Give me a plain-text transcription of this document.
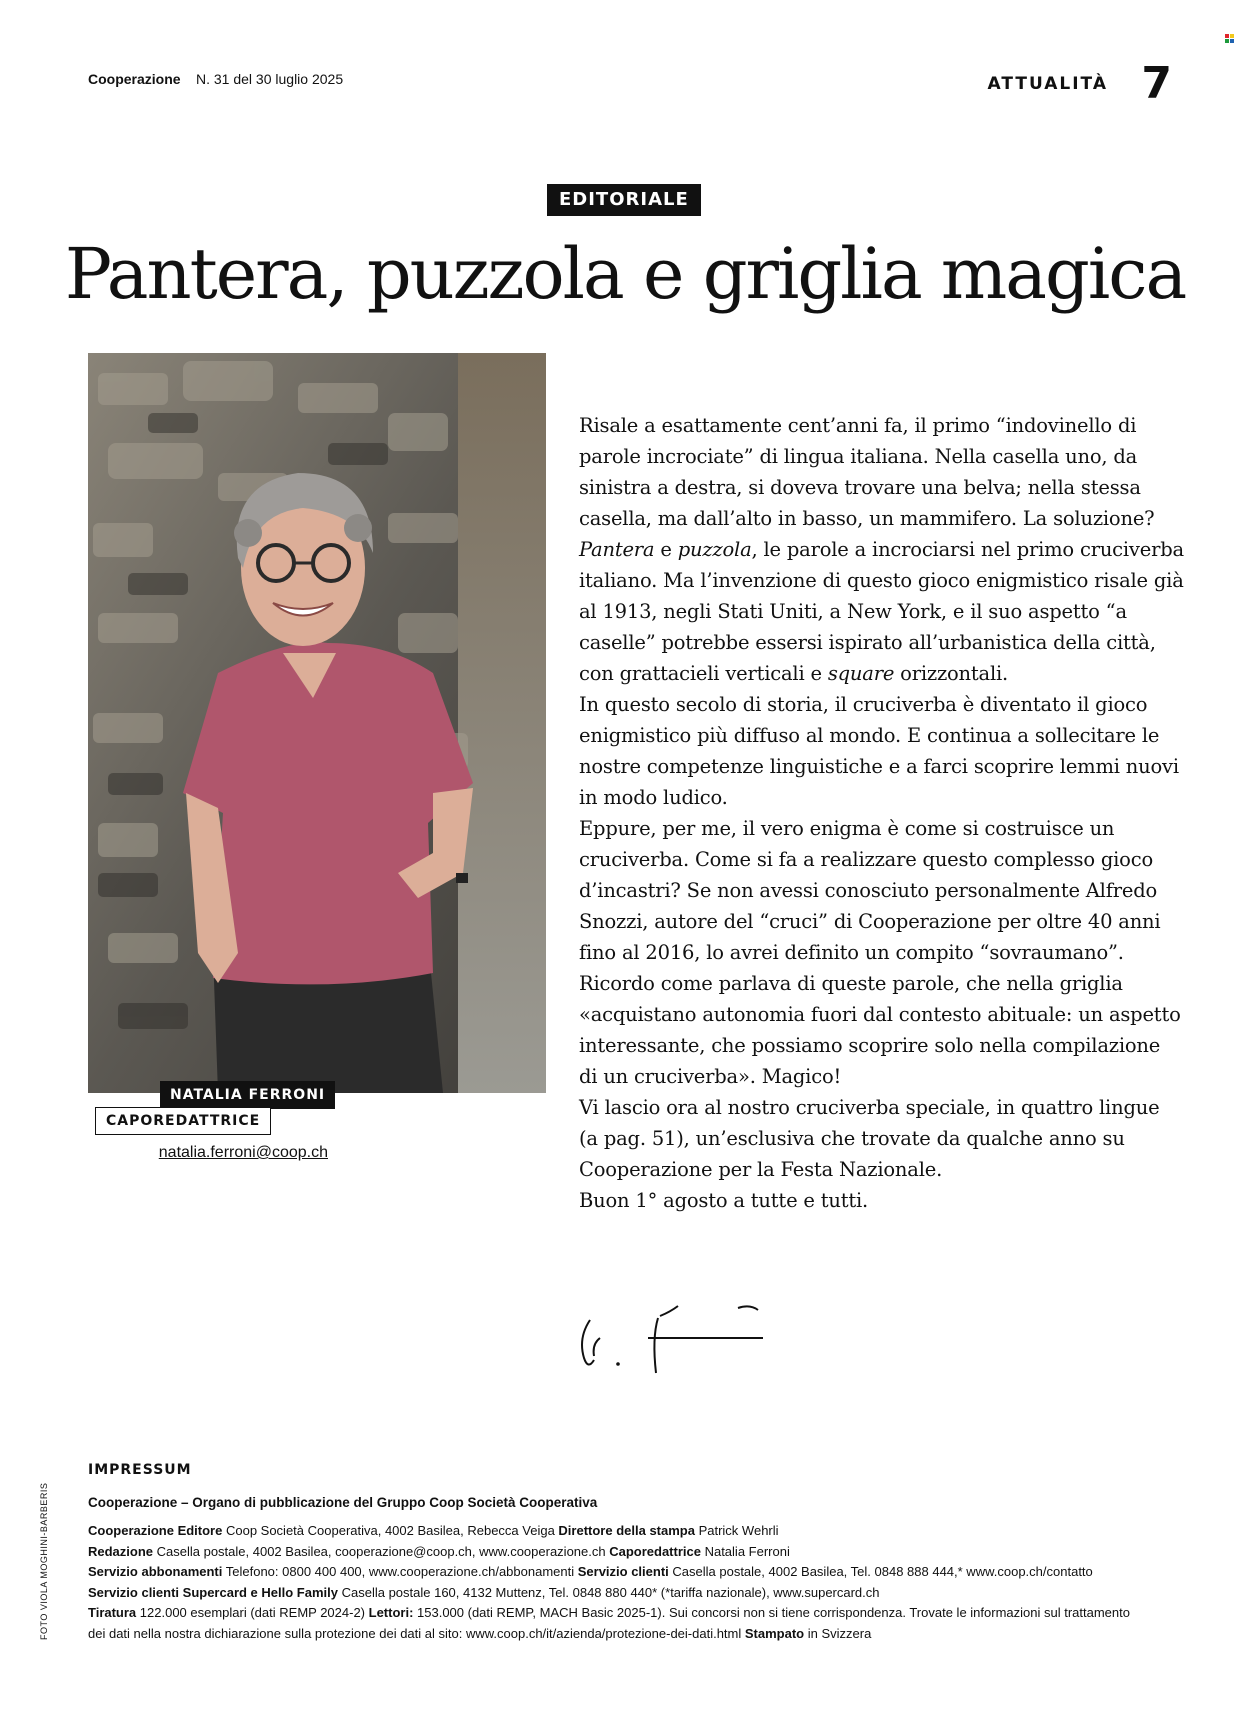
Cooperazione N. 31 del 30 luglio 2025	ATTUALITÀ 7
EDITORIALE
Pantera, puzzola e griglia magica
NATALIA FERRONI
CAPOREDATTRICE
natalia.ferroni@coop.ch

Risale a esattamente cent’anni fa, il primo “indovinello di parole incrociate” di lingua italiana. Nella casella uno, da sinistra a destra, si doveva trovare una belva; nella stessa casella, ma dall’alto in basso, un mammifero. La soluzione? Pantera e puzzola, le parole a incrociarsi nel primo cruciverba italiano. Ma l’invenzione di questo gioco enigmistico risale già al 1913, negli Stati Uniti, a New York, e il suo aspetto “a caselle” potrebbe essersi ispirato all’urbanistica della città, con grattacieli verticali e square orizzontali.

In questo secolo di storia, il cruciverba è diventato il gioco enigmistico più diffuso al mondo. E continua a sollecitare le nostre competenze linguistiche e a farci scoprire lemmi nuovi in modo ludico.

Eppure, per me, il vero enigma è come si costruisce un cruciverba. Come si fa a realizzare questo complesso gioco d’incastri? Se non avessi conosciuto personalmente Alfredo Snozzi, autore del “cruci” di Cooperazione per oltre 40 anni fino al 2016, lo avrei definito un compito “sovraumano”.

Ricordo come parlava di queste parole, che nella griglia «acquistano autonomia fuori dal contesto abituale: un aspetto interessante, che possiamo scoprire solo nella compilazione di un cruciverba». Magico!

Vi lascio ora al nostro cruciverba speciale, in quattro lingue (a pag. 51), un’esclusiva che trovate da qualche anno su Cooperazione per la Festa Nazionale.

Buon 1° agosto a tutte e tutti.

FOTO VIOLA MOGHINI-BARBERIS
IMPRESSUM
Cooperazione – Organo di pubblicazione del Gruppo Coop Società Cooperativa
Cooperazione Editore Coop Società Cooperativa, 4002 Basilea, Rebecca Veiga Direttore della stampa Patrick Wehrli
Redazione Casella postale, 4002 Basilea, cooperazione@coop.ch, www.cooperazione.ch Caporedattrice Natalia Ferroni
Servizio abbonamenti Telefono: 0800 400 400, www.cooperazione.ch/abbonamenti Servizio clienti Casella postale, 4002 Basilea, Tel. 0848 888 444,* www.coop.ch/contatto
Servizio clienti Supercard e Hello Family Casella postale 160, 4132 Muttenz, Tel. 0848 880 440* (*tariffa nazionale), www.supercard.ch
Tiratura 122.000 esemplari (dati REMP 2024-2) Lettori: 153.000 (dati REMP, MACH Basic 2025-1). Sui concorsi non si tiene corrispondenza. Trovate le informazioni sul trattamento
dei dati nella nostra dichiarazione sulla protezione dei dati al sito: www.coop.ch/it/azienda/protezione-dei-dati.html Stampato in Svizzera
